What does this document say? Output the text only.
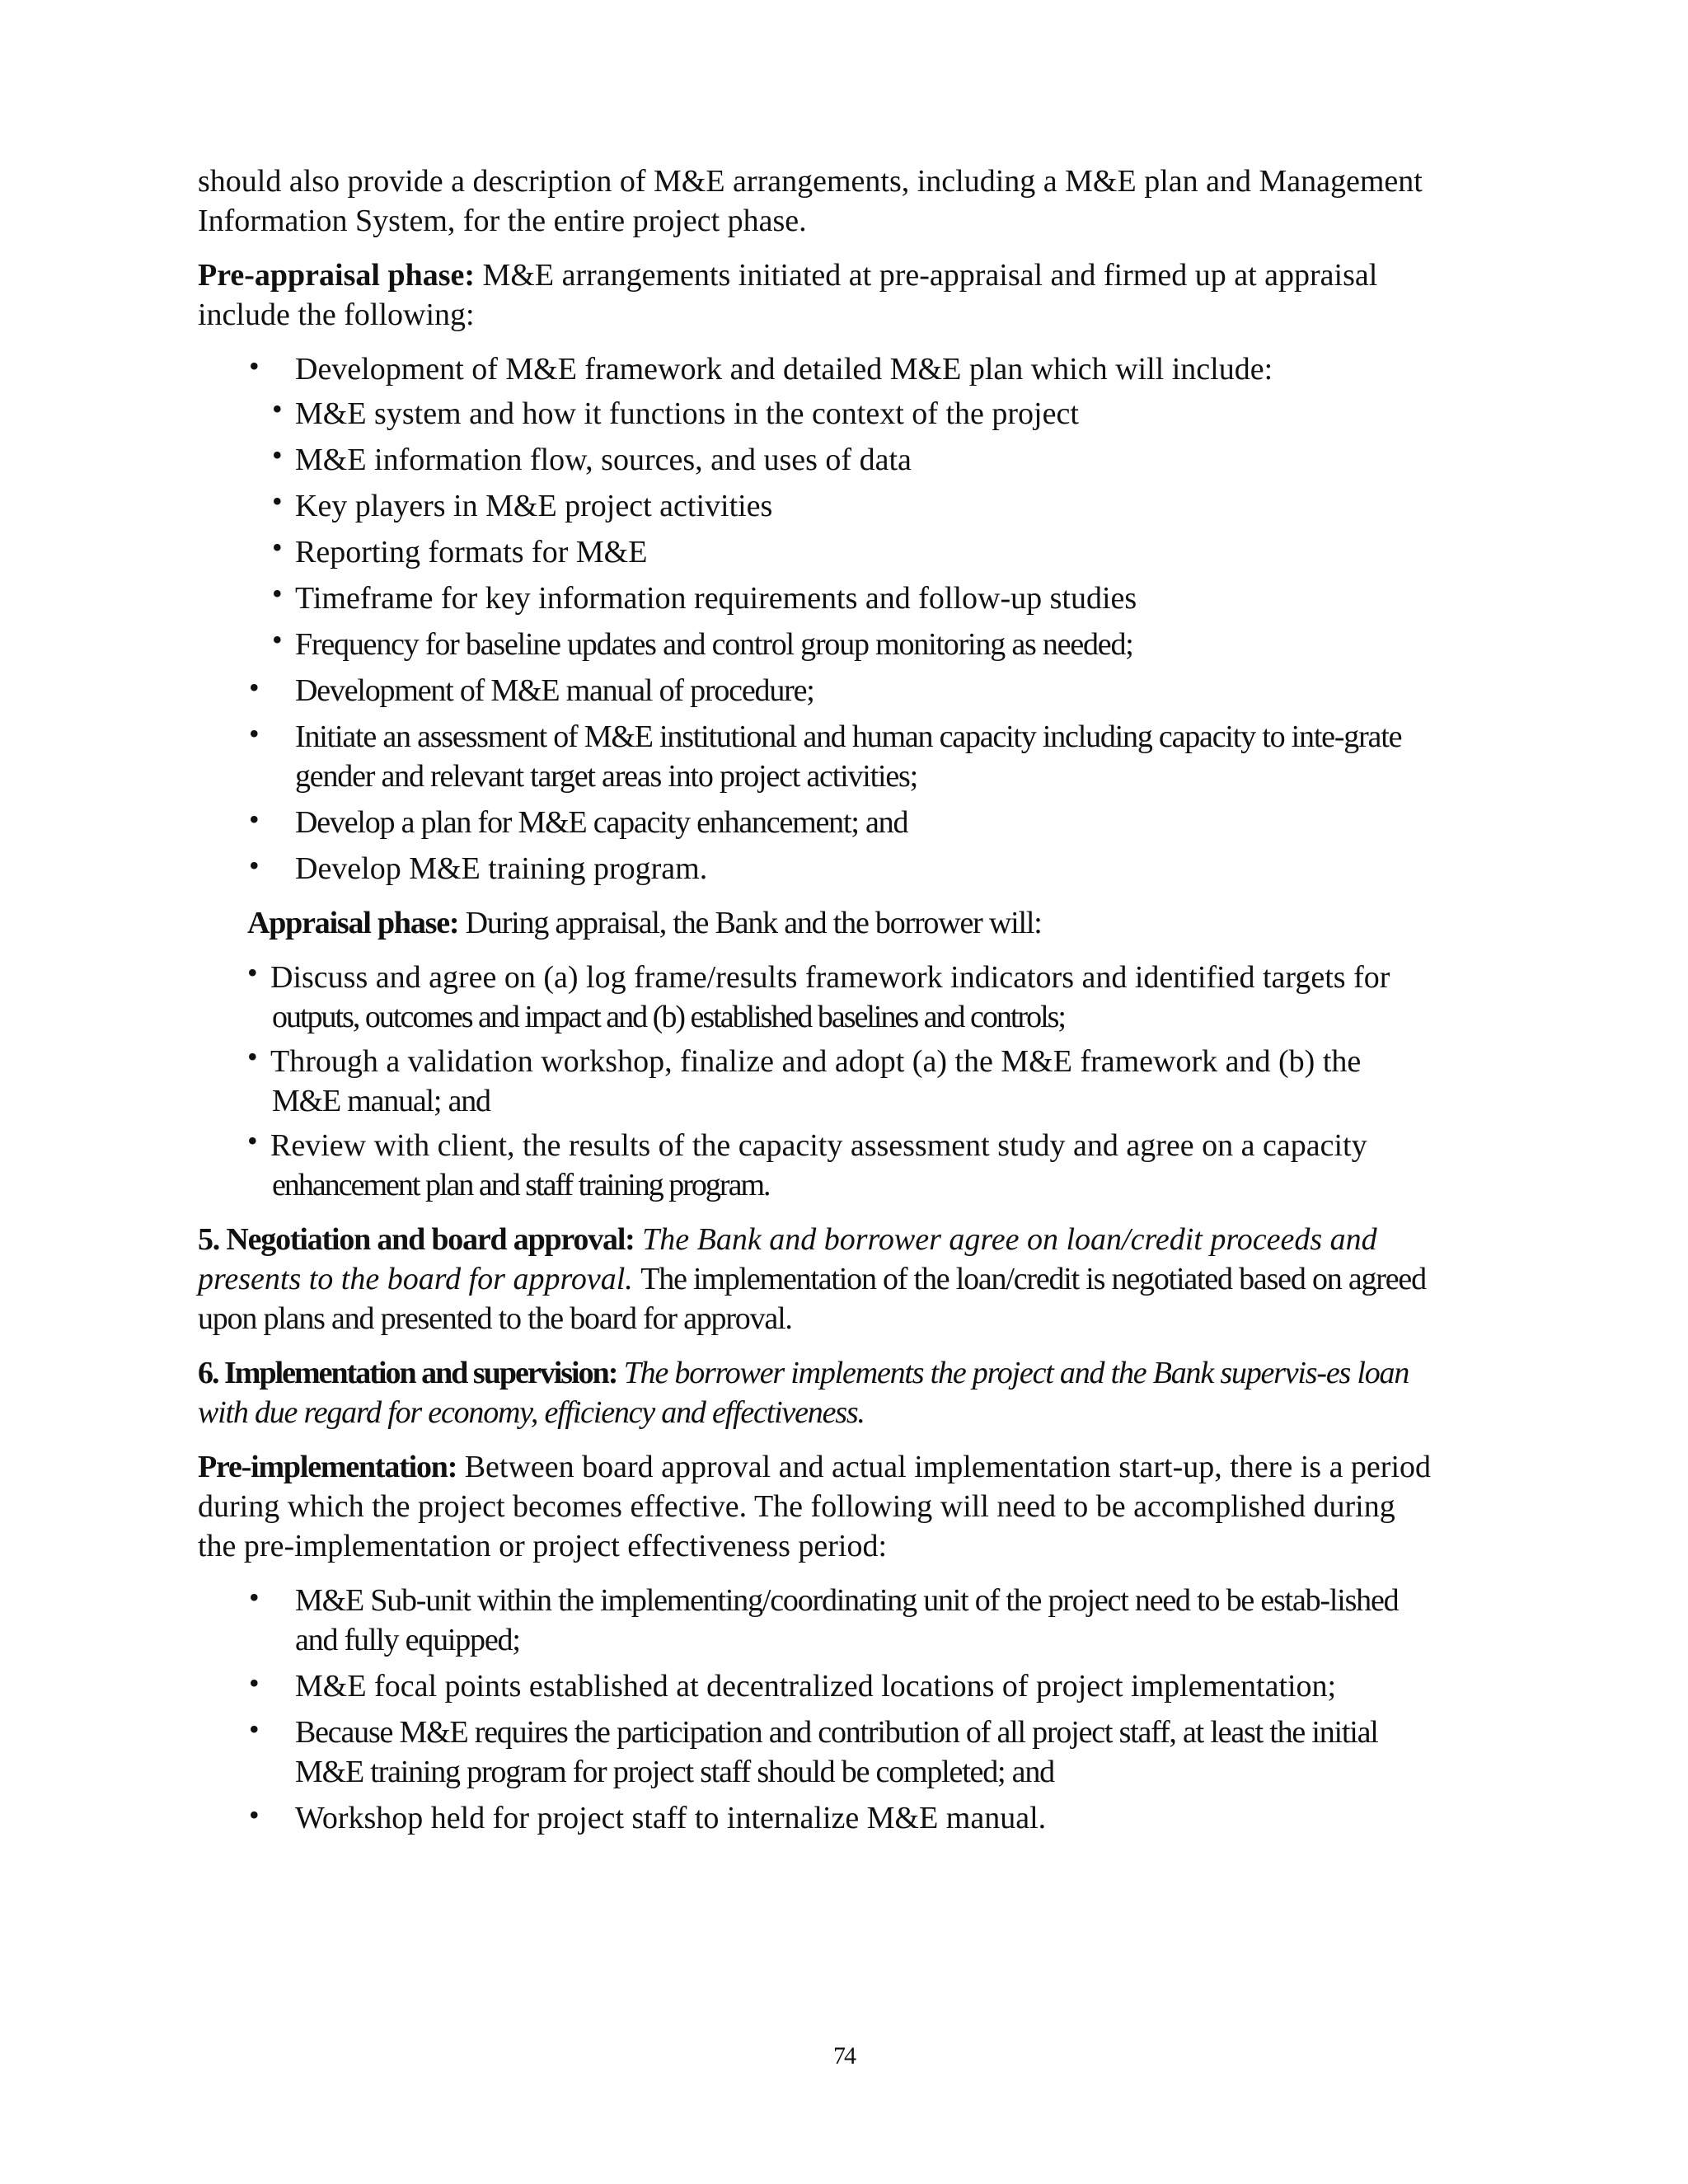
should also provide a description of M&E arrangements, including a M&E plan and Management Information System, for the entire project phase.

Pre-appraisal phase: M&E arrangements initiated at pre-appraisal and firmed up at appraisal include the following:

• Development of M&E framework and detailed M&E plan which will include:
• M&E system and how it functions in the context of the project
• M&E information flow, sources, and uses of data
• Key players in M&E project activities
• Reporting formats for M&E
• Timeframe for key information requirements and follow-up studies
• Frequency for baseline updates and control group monitoring as needed;
• Development of M&E manual of procedure;
• Initiate an assessment of M&E institutional and human capacity including capacity to inte-grate gender and relevant target areas into project activities;
• Develop a plan for M&E capacity enhancement; and
• Develop M&E training program.

Appraisal phase: During appraisal, the Bank and the borrower will:

• Discuss and agree on (a) log frame/results framework indicators and identified targets for
outputs, outcomes and impact and (b) established baselines and controls;
• Through a validation workshop, finalize and adopt (a) the M&E framework and (b) the
M&E manual; and
• Review with client, the results of the capacity assessment study and agree on a capacity
enhancement plan and staff training program.

5. Negotiation and board approval: The Bank and borrower agree on loan/credit proceeds and presents to the board for approval. The implementation of the loan/credit is negotiated based on agreed upon plans and presented to the board for approval.

6. Implementation and supervision: The borrower implements the project and the Bank supervis-es loan with due regard for economy, efficiency and effectiveness.

Pre-implementation: Between board approval and actual implementation start-up, there is a period during which the project becomes effective. The following will need to be accomplished during the pre-implementation or project effectiveness period:

• M&E Sub-unit within the implementing/coordinating unit of the project need to be estab-lished and fully equipped;
• M&E focal points established at decentralized locations of project implementation;
• Because M&E requires the participation and contribution of all project staff, at least the initial M&E training program for project staff should be completed; and
• Workshop held for project staff to internalize M&E manual.
74
